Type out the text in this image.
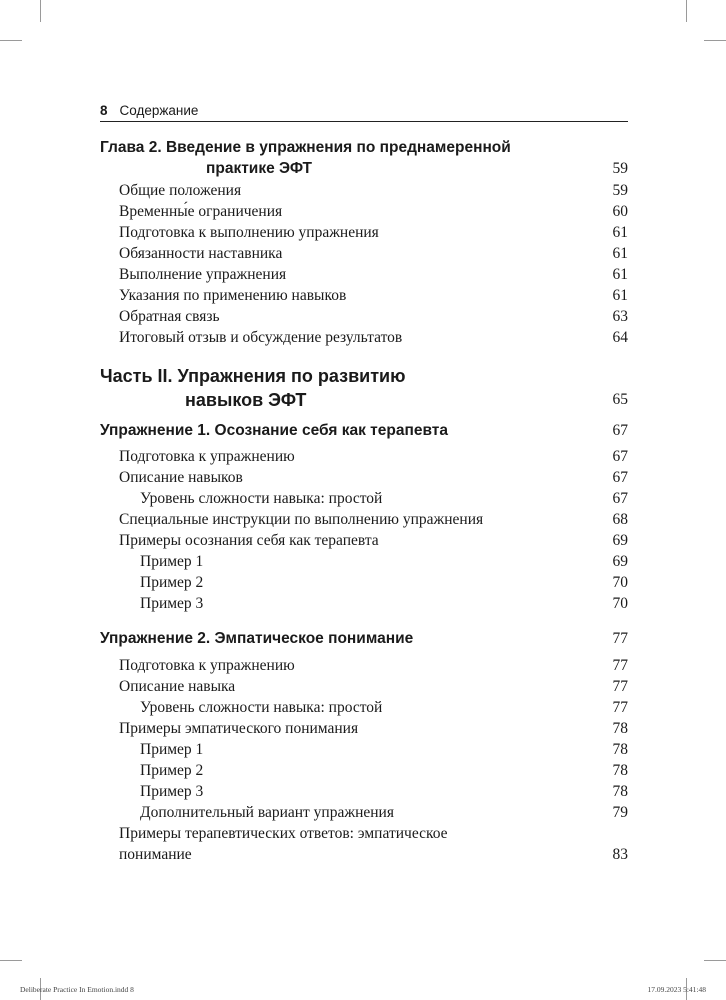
8 Содержание
Глава 2. Введение в упражнения по преднамеренной
практике ЭФТ	59
Общие положения	59
Временны́е ограничения	60
Подготовка к выполнению упражнения	61
Обязанности наставника	61
Выполнение упражнения	61
Указания по применению навыков	61
Обратная связь	63
Итоговый отзыв и обсуждение результатов	64
Часть II. Упражнения по развитию
навыков ЭФТ	65
Упражнение 1. Осознание себя как терапевта	67
Подготовка к упражнению	67
Описание навыков	67
Уровень сложности навыка: простой	67
Специальные инструкции по выполнению упражнения	68
Примеры осознания себя как терапевта	69
Пример 1	69
Пример 2	70
Пример 3	70
Упражнение 2. Эмпатическое понимание	77
Подготовка к упражнению	77
Описание навыка	77
Уровень сложности навыка: простой	77
Примеры эмпатического понимания	78
Пример 1	78
Пример 2	78
Пример 3	78
Дополнительный вариант упражнения	79
Примеры терапевтических ответов: эмпатическое
понимание	83
Deliberate Practice In Emotion.indd 8	17.09.2023 5:41:48
